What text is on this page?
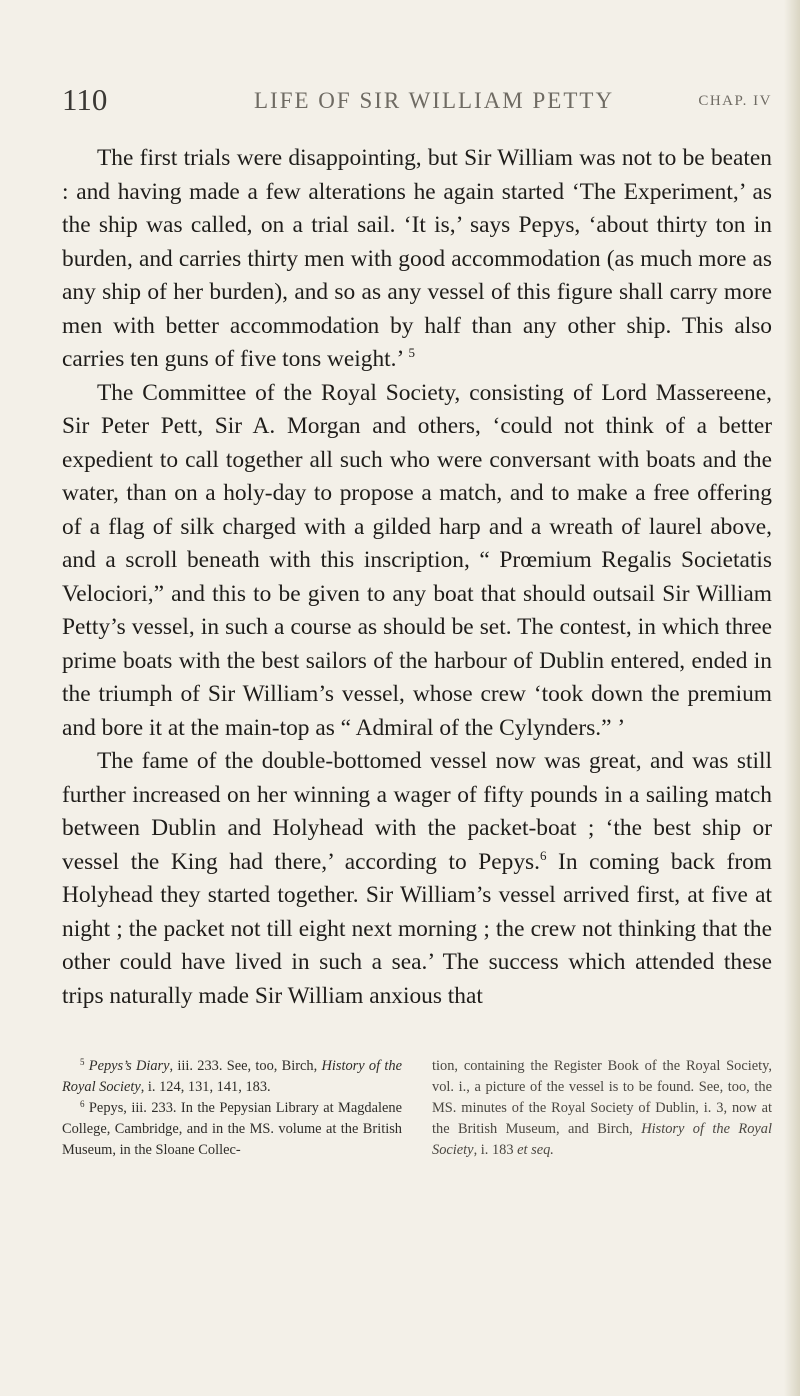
110	LIFE OF SIR WILLIAM PETTY	CHAP. IV

The first trials were disappointing, but Sir William was not to be beaten : and having made a few alterations he again started ‘The Experiment,’ as the ship was called, on a trial sail. ‘It is,’ says Pepys, ‘about thirty ton in burden, and carries thirty men with good accommodation (as much more as any ship of her burden), and so as any vessel of this figure shall carry more men with better accommodation by half than any other ship. This also carries ten guns of five tons weight.’ $^5$

The Committee of the Royal Society, consisting of Lord Massereene, Sir Peter Pett, Sir A. Morgan and others, ‘could not think of a better expedient to call together all such who were conversant with boats and the water, than on a holy-day to propose a match, and to make a free offering of a flag of silk charged with a gilded harp and a wreath of laurel above, and a scroll beneath with this inscription, “ Prœmium Regalis Societatis Velociori,” and this to be given to any boat that should outsail Sir William Petty’s vessel, in such a course as should be set. The contest, in which three prime boats with the best sailors of the harbour of Dublin entered, ended in the triumph of Sir William’s vessel, whose crew ‘took down the premium and bore it at the main-top as “ Admiral of the Cylynders.” ’

The fame of the double-bottomed vessel now was great, and was still further increased on her winning a wager of fifty pounds in a sailing match between Dublin and Holyhead with the packet-boat ; ‘the best ship or vessel the King had there,’ according to Pepys.$^6$ In coming back from Holyhead they started together. Sir William’s vessel arrived first, at five at night ; the packet not till eight next morning ; the crew not thinking that the other could have lived in such a sea.’ The success which attended these trips naturally made Sir William anxious that

$^5$ Pepys’s Diary, iii. 233. See, too, Birch, History of the Royal Society, i. 124, 131, 141, 183.

$^6$ Pepys, iii. 233. In the Pepysian Library at Magdalene College, Cambridge, and in the MS. volume at the British Museum, in the Sloane Collec-

tion, containing the Register Book of the Royal Society, vol. i., a picture of the vessel is to be found. See, too, the MS. minutes of the Royal Society of Dublin, i. 3, now at the British Museum, and Birch, History of the Royal Society, i. 183 et seq.
